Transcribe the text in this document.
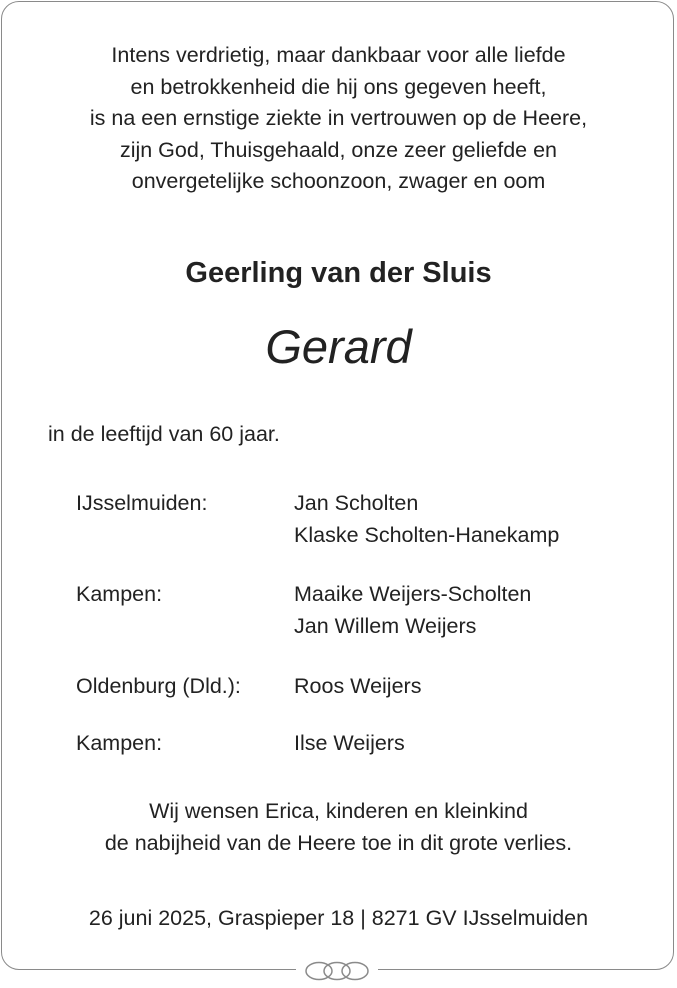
Intens verdrietig, maar dankbaar voor alle liefde
en betrokkenheid die hij ons gegeven heeft,
is na een ernstige ziekte in vertrouwen op de Heere,
zijn God, Thuisgehaald, onze zeer geliefde en
onvergetelijke schoonzoon, zwager en oom
Geerling van der Sluis
Gerard
in de leeftijd van 60 jaar.
IJsselmuiden:	Jan Scholten
Klaske Scholten-Hanekamp
Kampen:	Maaike Weijers-Scholten
Jan Willem Weijers
Oldenburg (Dld.): Roos Weijers
Kampen:	Ilse Weijers
Wij wensen Erica, kinderen en kleinkind
de nabijheid van de Heere toe in dit grote verlies.
26 juni 2025, Graspieper 18 | 8271 GV IJsselmuiden
